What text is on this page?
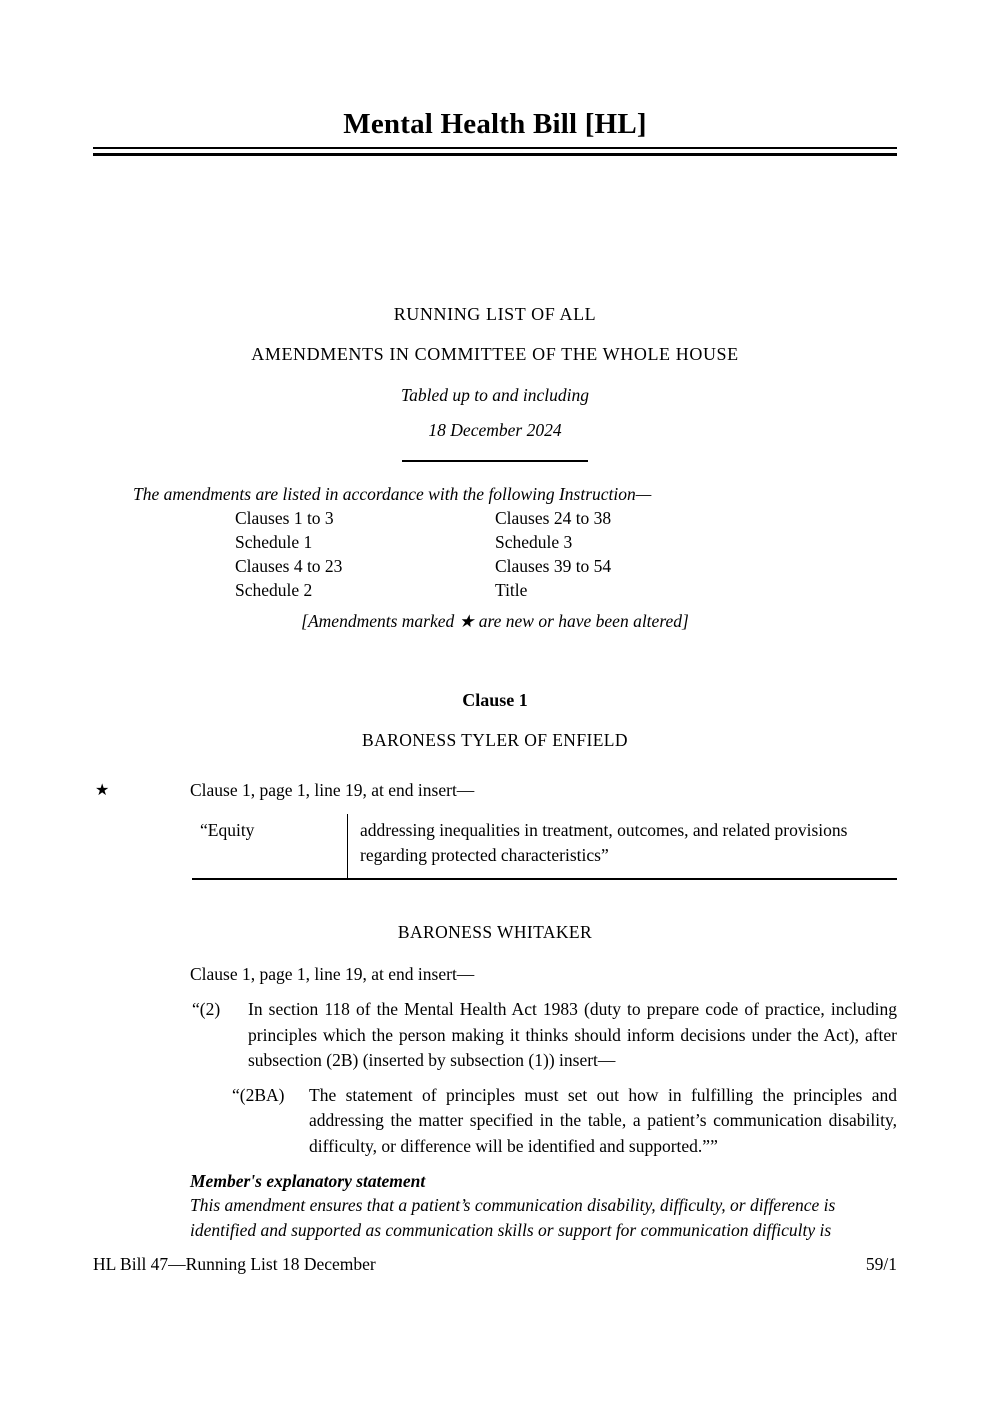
Mental Health Bill [HL]
RUNNING LIST OF ALL
AMENDMENTS IN COMMITTEE OF THE WHOLE HOUSE
Tabled up to and including
18 December 2024
The amendments are listed in accordance with the following Instruction—
Clauses 1 to 3	Clauses 24 to 38
Schedule 1	Schedule 3
Clauses 4 to 23	Clauses 39 to 54
Schedule 2	Title
[Amendments marked ★ are new or have been altered]
Clause 1
BARONESS TYLER OF ENFIELD
★	Clause 1, page 1, line 19, at end insert—
“Equity	addressing inequalities in treatment, outcomes, and related provisions regarding protected characteristics”
BARONESS WHITAKER
Clause 1, page 1, line 19, at end insert—
“(2)	In section 118 of the Mental Health Act 1983 (duty to prepare code of practice, including principles which the person making it thinks should inform decisions under the Act), after subsection (2B) (inserted by subsection (1)) insert—
“(2BA)	The statement of principles must set out how in fulfilling the principles and addressing the matter specified in the table, a patient’s communication disability, difficulty, or difference will be identified and supported.””
Member's explanatory statement
This amendment ensures that a patient’s communication disability, difficulty, or difference is identified and supported as communication skills or support for communication difficulty is
HL Bill 47—Running List 18 December	59/1
